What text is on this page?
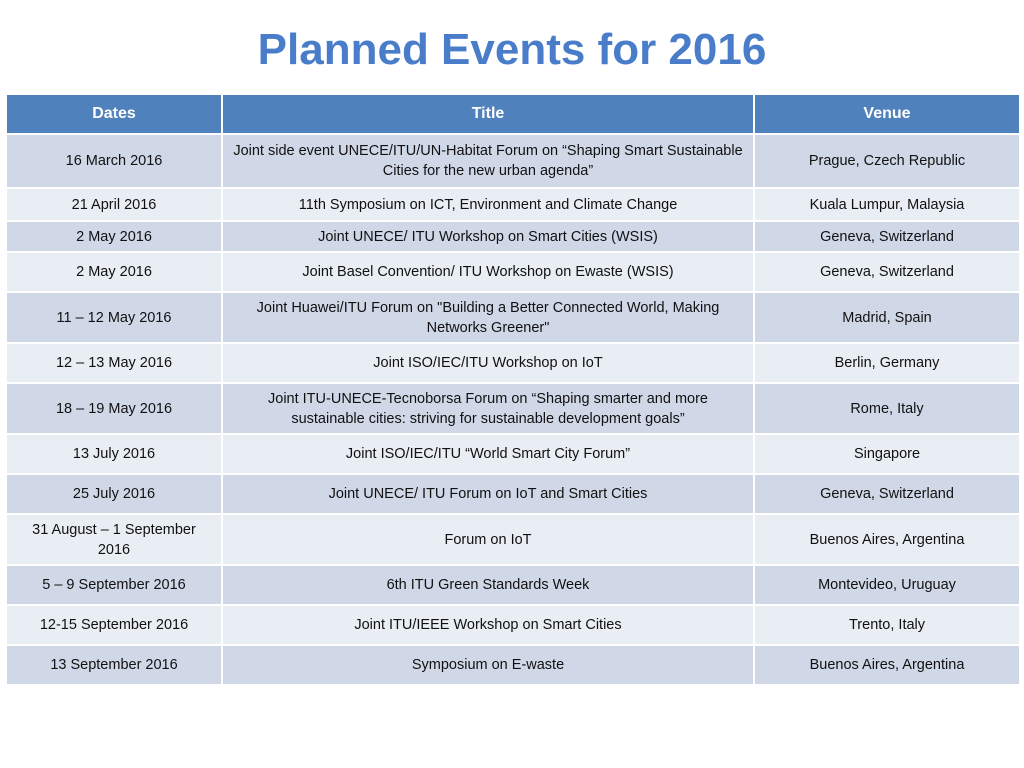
Planned Events for 2016
Dates	Title	Venue
16 March 2016	Joint side event UNECE/ITU/UN-Habitat Forum on “Shaping Smart Sustainable Cities for the new urban agenda”	Prague, Czech Republic
21 April 2016	11th Symposium on ICT, Environment and Climate Change	Kuala Lumpur, Malaysia
2 May 2016	Joint UNECE/ ITU Workshop on Smart Cities (WSIS)	Geneva, Switzerland
2 May 2016	Joint Basel Convention/ ITU Workshop on Ewaste (WSIS)	Geneva, Switzerland
11 – 12 May 2016	Joint Huawei/ITU Forum on "Building a Better Connected World, Making Networks Greener"	Madrid, Spain
12 – 13 May 2016	Joint ISO/IEC/ITU Workshop on IoT	Berlin, Germany
18 – 19 May 2016	Joint ITU-UNECE-Tecnoborsa Forum on “Shaping smarter and more sustainable cities: striving for sustainable development goals”	Rome, Italy
13 July 2016	Joint ISO/IEC/ITU “World Smart City Forum”	Singapore
25 July 2016	Joint UNECE/ ITU Forum on IoT and Smart Cities	Geneva, Switzerland
31 August – 1 September 2016	Forum on IoT	Buenos Aires, Argentina
5 – 9 September 2016	6th ITU Green Standards Week	Montevideo, Uruguay
12-15 September 2016	Joint ITU/IEEE Workshop on Smart Cities	Trento, Italy
13 September 2016	Symposium on E-waste	Buenos Aires, Argentina
